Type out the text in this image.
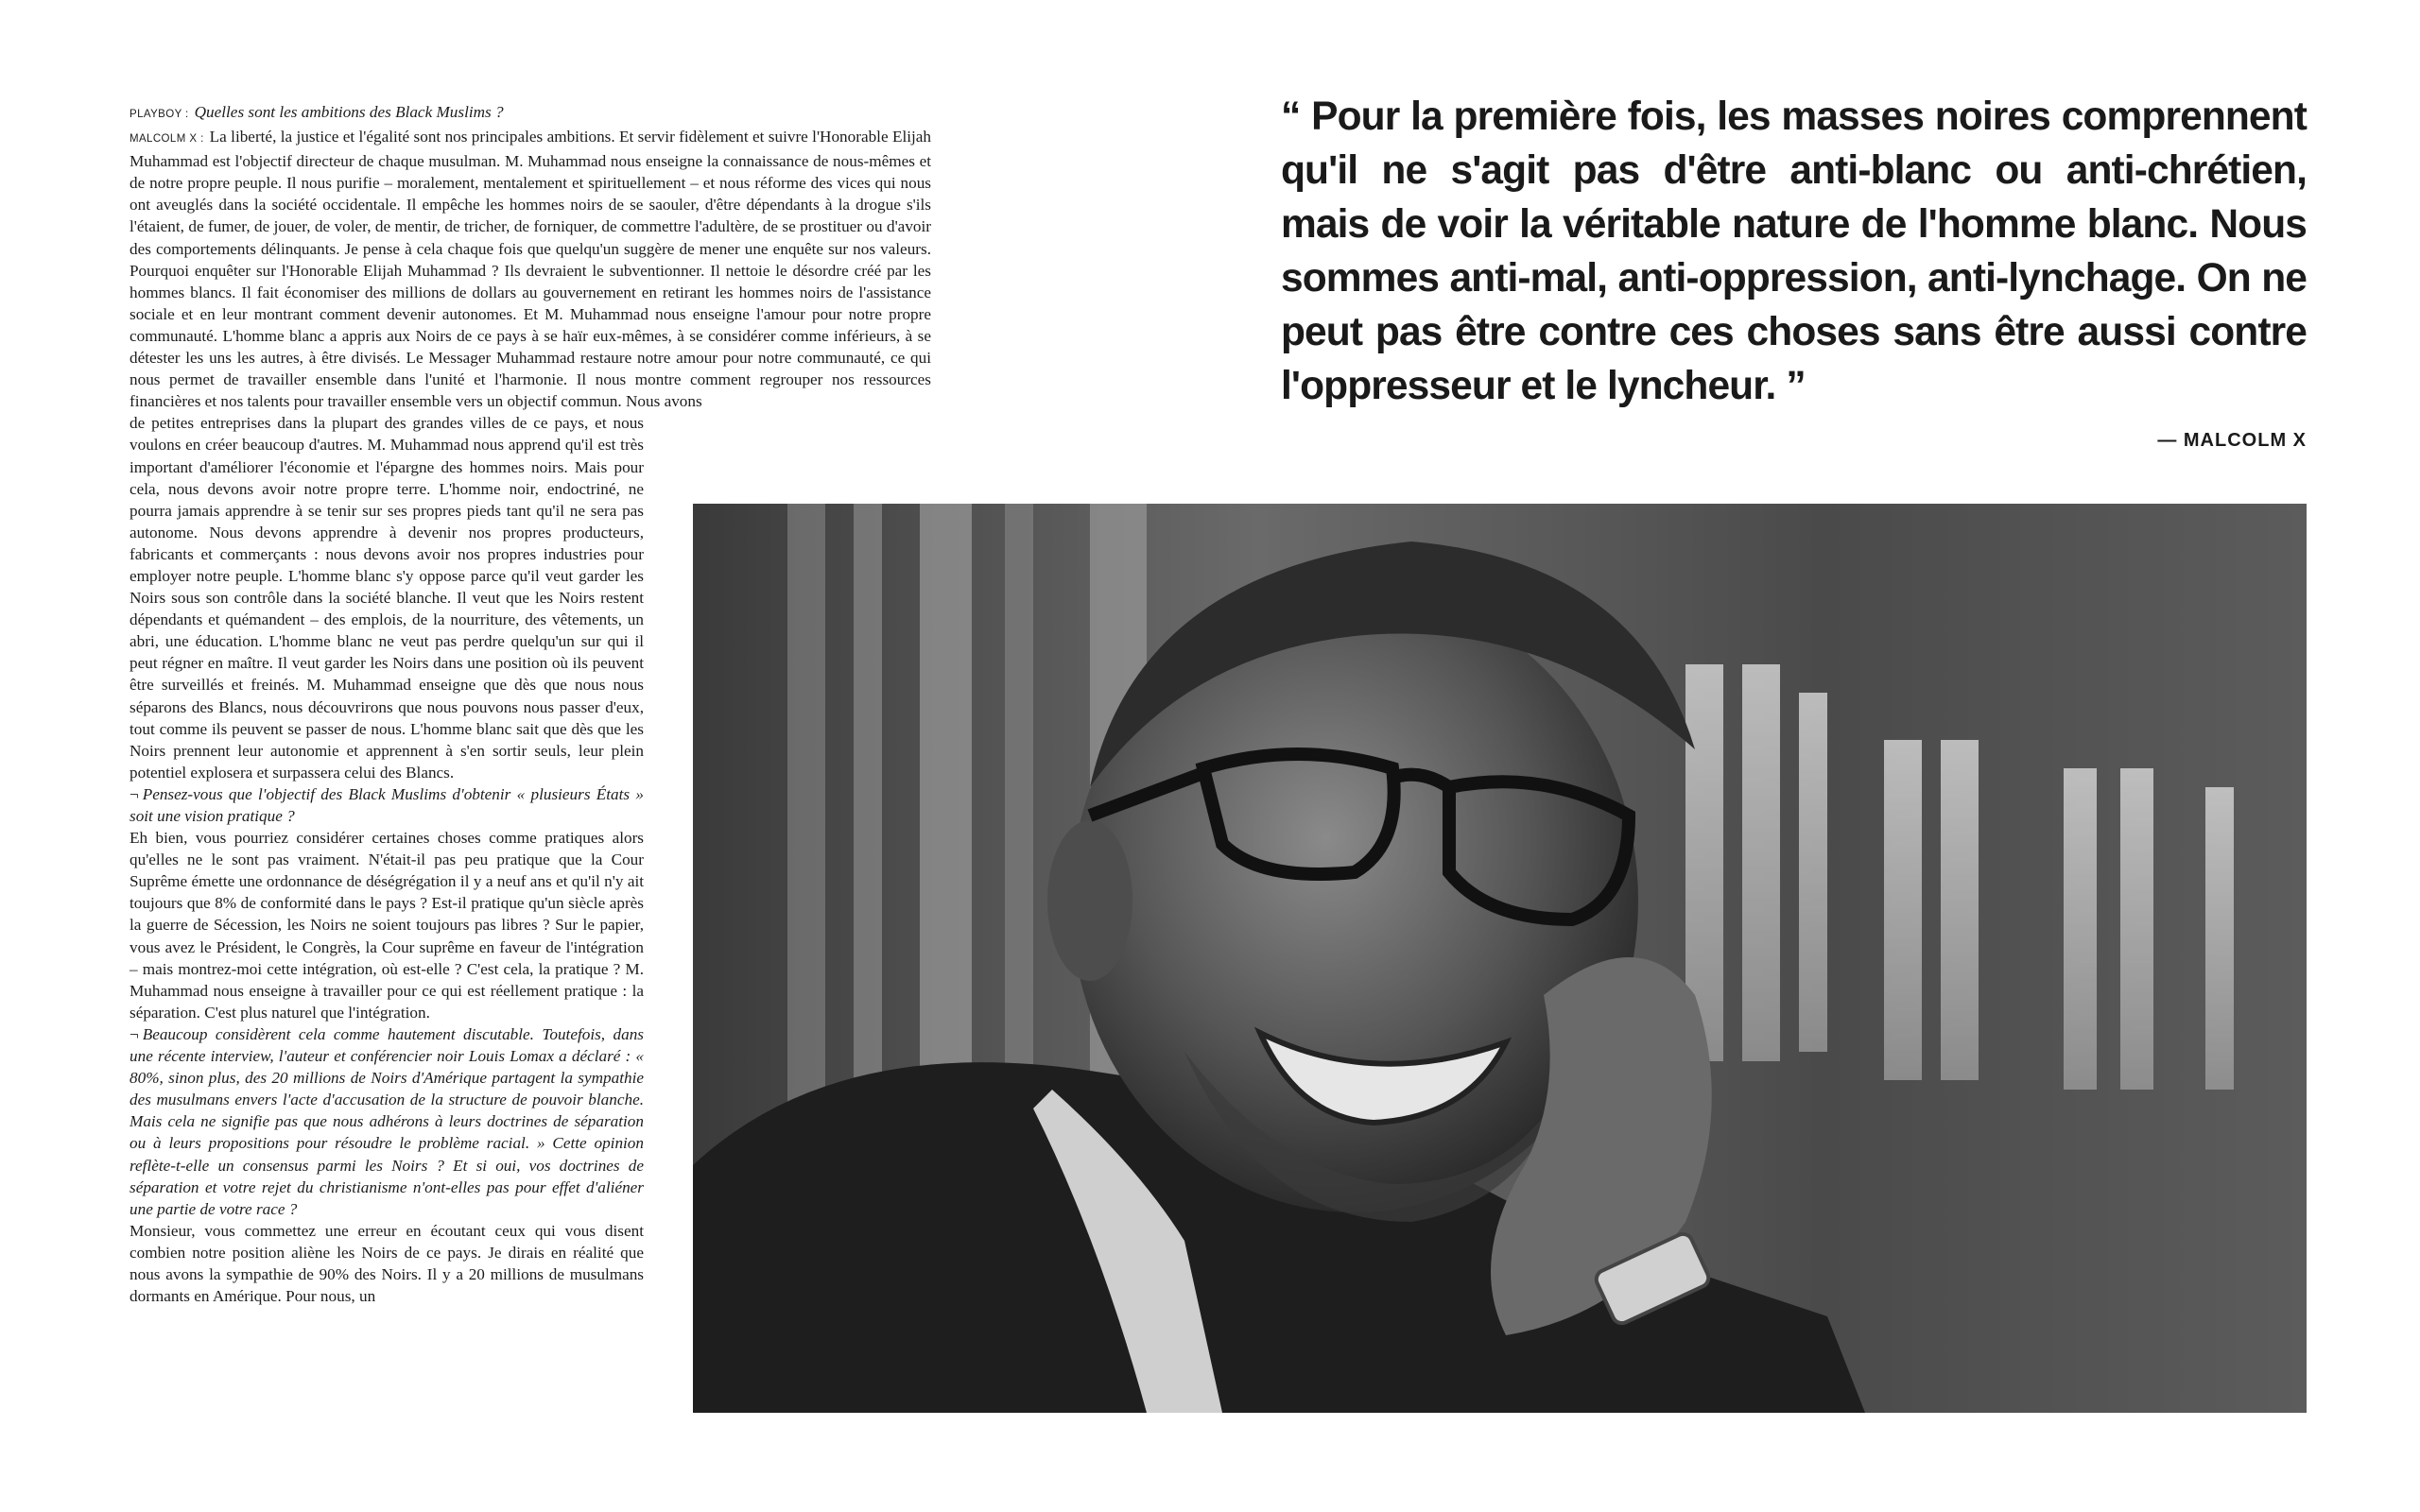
PLAYBOY : Quelles sont les ambitions des Black Muslims ?

MALCOLM X : La liberté, la justice et l'égalité sont nos principales ambitions. Et servir fidèlement et suivre l'Honorable Elijah Muhammad est l'objectif directeur de chaque musulman. M. Muhammad nous enseigne la connaissance de nous-mêmes et de notre propre peuple. Il nous purifie – moralement, mentalement et spirituellement – et nous réforme des vices qui nous ont aveuglés dans la société occidentale. Il empêche les hommes noirs de se saouler, d'être dépendants à la drogue s'ils l'étaient, de fumer, de jouer, de voler, de mentir, de tricher, de forniquer, de commettre l'adultère, de se prostituer ou d'avoir des comportements délinquants. Je pense à cela chaque fois que quelqu'un suggère de mener une enquête sur nos valeurs. Pourquoi enquêter sur l'Honorable Elijah Muhammad ? Ils devraient le subventionner. Il nettoie le désordre créé par les hommes blancs. Il fait économiser des millions de dollars au gouvernement en retirant les hommes noirs de l'assistance sociale et en leur montrant comment devenir autonomes. Et M. Muhammad nous enseigne l'amour pour notre propre communauté. L'homme blanc a appris aux Noirs de ce pays à se haïr eux-mêmes, à se considérer comme inférieurs, à se détester les uns les autres, à être divisés. Le Messager Muhammad restaure notre amour pour notre communauté, ce qui nous permet de travailler ensemble dans l'unité et l'harmonie. Il nous montre comment regrouper nos ressources financières et nos talents pour travailler ensemble vers un objectif commun. Nous avons

de petites entreprises dans la plupart des grandes villes de ce pays, et nous voulons en créer beaucoup d'autres. M. Muhammad nous apprend qu'il est très important d'améliorer l'économie et l'épargne des hommes noirs. Mais pour cela, nous devons avoir notre propre terre. L'homme noir, endoctriné, ne pourra jamais apprendre à se tenir sur ses propres pieds tant qu'il ne sera pas autonome. Nous devons apprendre à devenir nos propres producteurs, fabricants et commerçants : nous devons avoir nos propres industries pour employer notre peuple. L'homme blanc s'y oppose parce qu'il veut garder les Noirs sous son contrôle dans la société blanche. Il veut que les Noirs restent dépendants et quémandent – des emplois, de la nourriture, des vêtements, un abri, une éducation. L'homme blanc ne veut pas perdre quelqu'un sur qui il peut régner en maître. Il veut garder les Noirs dans une position où ils peuvent être surveillés et freinés. M. Muhammad enseigne que dès que nous nous séparons des Blancs, nous découvrirons que nous pouvons nous passer d'eux, tout comme ils peuvent se passer de nous. L'homme blanc sait que dès que les Noirs prennent leur autonomie et apprennent à s'en sortir seuls, leur plein potentiel explosera et surpassera celui des Blancs.

¬ Pensez-vous que l'objectif des Black Muslims d'obtenir « plusieurs États » soit une vision pratique ?

Eh bien, vous pourriez considérer certaines choses comme pratiques alors qu'elles ne le sont pas vraiment. N'était-il pas peu pratique que la Cour Suprême émette une ordonnance de déségrégation il y a neuf ans et qu'il n'y ait toujours que 8% de conformité dans le pays ? Est-il pratique qu'un siècle après la guerre de Sécession, les Noirs ne soient toujours pas libres ? Sur le papier, vous avez le Président, le Congrès, la Cour suprême en faveur de l'intégration – mais montrez-moi cette intégration, où est-elle ? C'est cela, la pratique ? M. Muhammad nous enseigne à travailler pour ce qui est réellement pratique : la séparation. C'est plus naturel que l'intégration.

¬ Beaucoup considèrent cela comme hautement discutable. Toutefois, dans une récente interview, l'auteur et conférencier noir Louis Lomax a déclaré : « 80%, sinon plus, des 20 millions de Noirs d'Amérique partagent la sympathie des musulmans envers l'acte d'accusation de la structure de pouvoir blanche. Mais cela ne signifie pas que nous adhérons à leurs doctrines de séparation ou à leurs propositions pour résoudre le problème racial. » Cette opinion reflète-t-elle un consensus parmi les Noirs ? Et si oui, vos doctrines de séparation et votre rejet du christianisme n'ont-elles pas pour effet d'aliéner une partie de votre race ?

Monsieur, vous commettez une erreur en écoutant ceux qui vous disent combien notre position aliène les Noirs de ce pays. Je dirais en réalité que nous avons la sympathie de 90% des Noirs. Il y a 20 millions de musulmans dormants en Amérique. Pour nous, un

“ Pour la première fois, les masses noires comprennent qu'il ne s'agit pas d'être anti-blanc ou anti-chrétien, mais de voir la véritable nature de l'homme blanc. Nous sommes anti-mal, anti-oppression, anti-lynchage. On ne peut pas être contre ces choses sans être aussi contre l'oppresseur et le lyncheur. ”
— MALCOLM X
